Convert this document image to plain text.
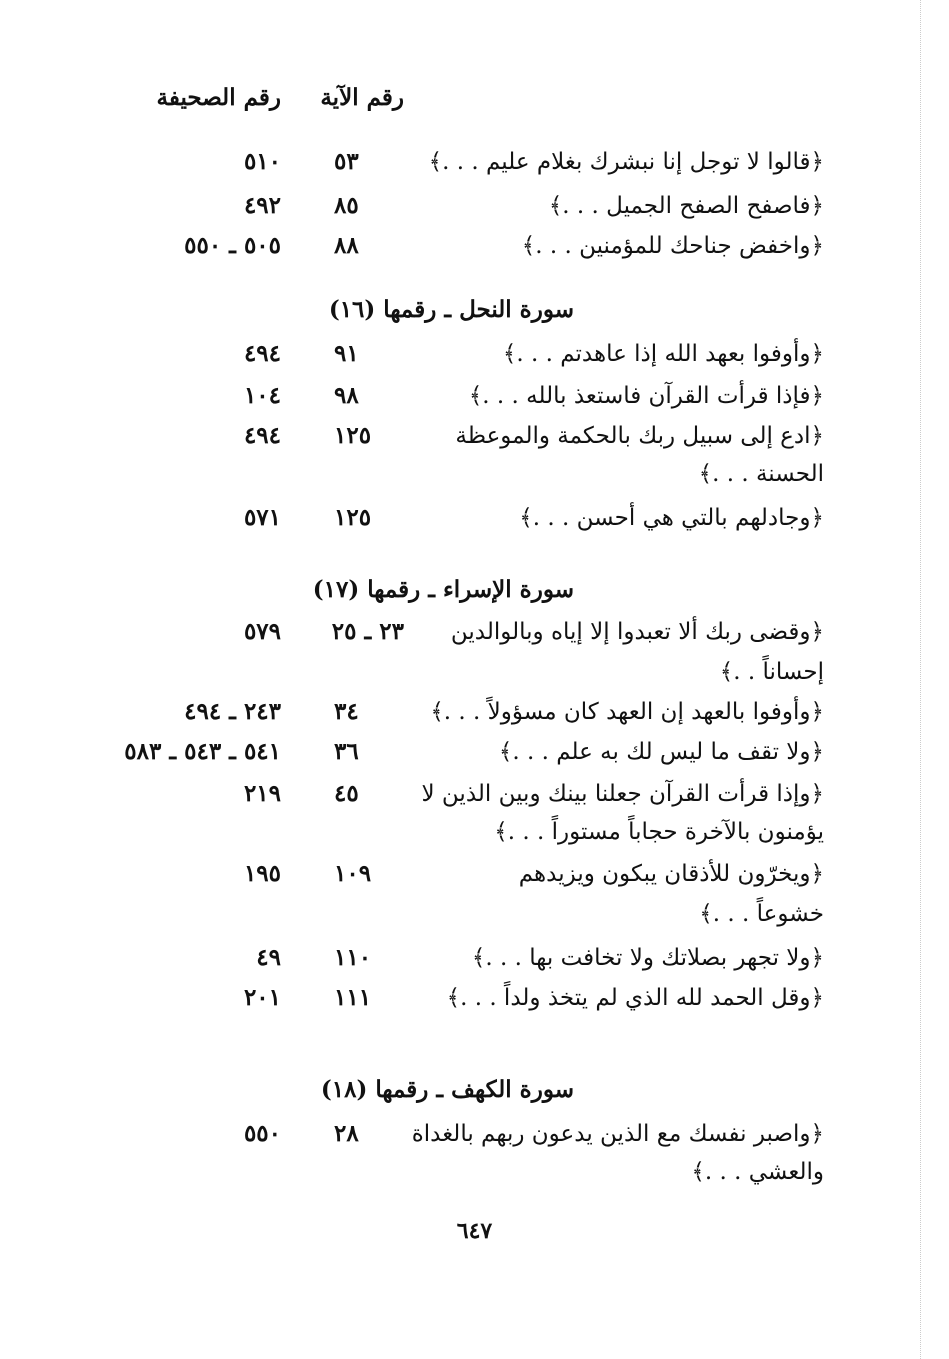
رقم الآية
رقم الصحيفة
﴿قالوا لا توجل إنا نبشرك بغلام عليم . . .﴾
٥٣
٥١٠
﴿فاصفح الصفح الجميل . . .﴾
٨٥
٤٩٢
﴿واخفض جناحك للمؤمنين . . .﴾
٨٨
٥٠٥ ـ ٥٥٠
سورة النحل ـ رقمها (١٦)
﴿وأوفوا بعهد الله إذا عاهدتم . . .﴾
٩١
٤٩٤
﴿فإذا قرأت القرآن فاستعذ بالله . . .﴾
٩٨
١٠٤
﴿ادع إلى سبيل ربك بالحكمة والموعظة
١٢٥
٤٩٤
الحسنة . . .﴾
﴿وجادلهم بالتي هي أحسن . . .﴾
١٢٥
٥٧١
سورة الإسراء ـ رقمها (١٧)
﴿وقضى ربك ألا تعبدوا إلا إياه وبالوالدين
٢٣ ـ ٢٥
٥٧٩
إحساناً . .﴾
﴿وأوفوا بالعهد إن العهد كان مسؤولاً . . .﴾
٣٤
٢٤٣ ـ ٤٩٤
﴿ولا تقف ما ليس لك به علم . . .﴾
٣٦
٥٤١ ـ ٥٤٣ ـ ٥٨٣
﴿وإذا قرأت القرآن جعلنا بينك وبين الذين لا
٤٥
٢١٩
يؤمنون بالآخرة حجاباً مستوراً . . .﴾
﴿ويخرّون للأذقان يبكون ويزيدهم
١٠٩
١٩٥
خشوعاً . . .﴾
﴿ولا تجهر بصلاتك ولا تخافت بها . . .﴾
١١٠
٤٩
﴿وقل الحمد لله الذي لم يتخذ ولداً . . .﴾
١١١
٢٠١
سورة الكهف ـ رقمها (١٨)
﴿واصبر نفسك مع الذين يدعون ربهم بالغداة
٢٨
٥٥٠
والعشي . . .﴾
٦٤٧
